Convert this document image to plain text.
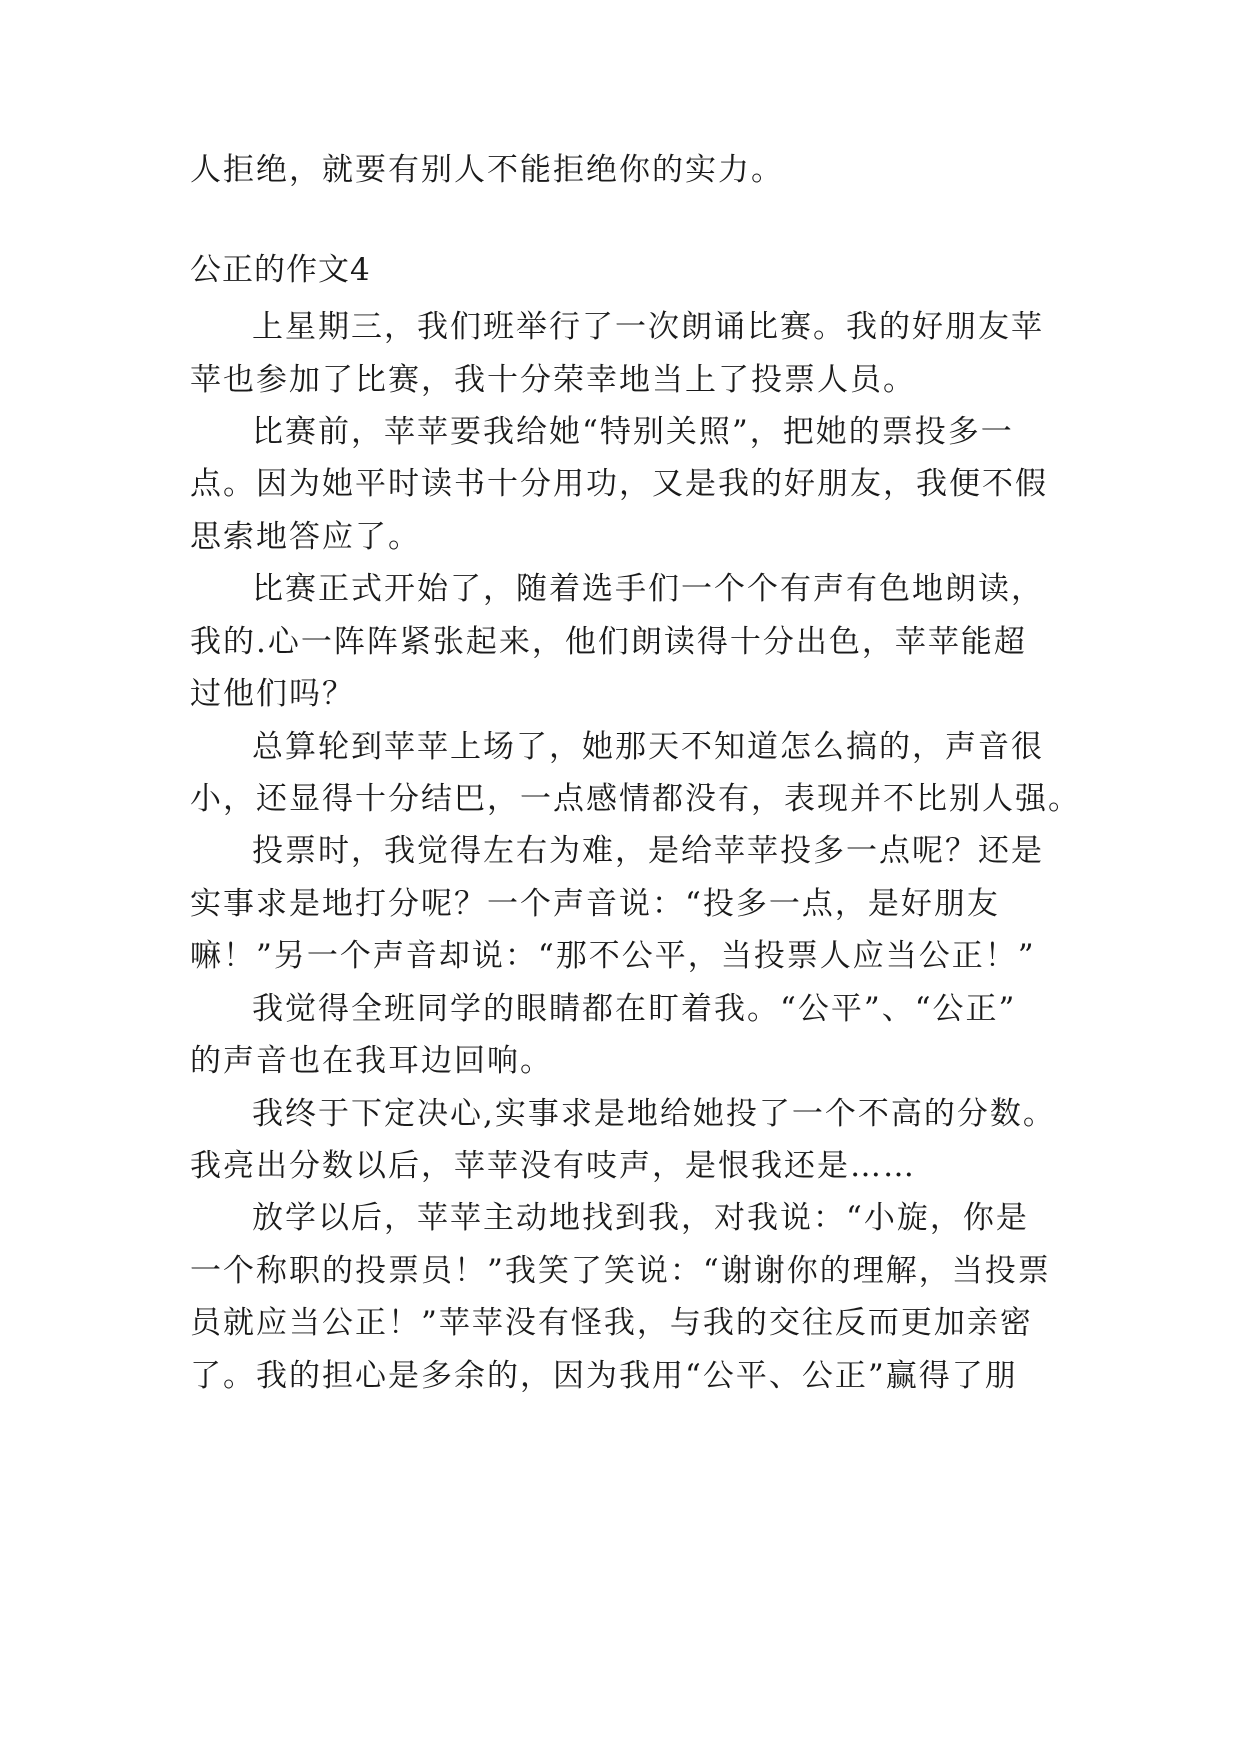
人拒绝，就要有别人不能拒绝你的实力。
公正的作文4
上星期三，我们班举行了一次朗诵比赛。我的好朋友苹
苹也参加了比赛，我十分荣幸地当上了投票人员。
比赛前，苹苹要我给她“特别关照”，把她的票投多一
点。因为她平时读书十分用功，又是我的好朋友，我便不假
思索地答应了。
比赛正式开始了，随着选手们一个个有声有色地朗读，
我的.心一阵阵紧张起来，他们朗读得十分出色，苹苹能超
过他们吗？
总算轮到苹苹上场了，她那天不知道怎么搞的，声音很
小，还显得十分结巴，一点感情都没有，表现并不比别人强。
投票时，我觉得左右为难，是给苹苹投多一点呢？还是
实事求是地打分呢？一个声音说：“投多一点，是好朋友
嘛！”另一个声音却说：“那不公平，当投票人应当公正！”
我觉得全班同学的眼睛都在盯着我。“公平”、“公正”
的声音也在我耳边回响。
我终于下定决心,实事求是地给她投了一个不高的分数。
我亮出分数以后，苹苹没有吱声，是恨我还是……
放学以后，苹苹主动地找到我，对我说：“小旋，你是
一个称职的投票员！”我笑了笑说：“谢谢你的理解，当投票
员就应当公正！”苹苹没有怪我，与我的交往反而更加亲密
了。我的担心是多余的，因为我用“公平、公正”赢得了朋
